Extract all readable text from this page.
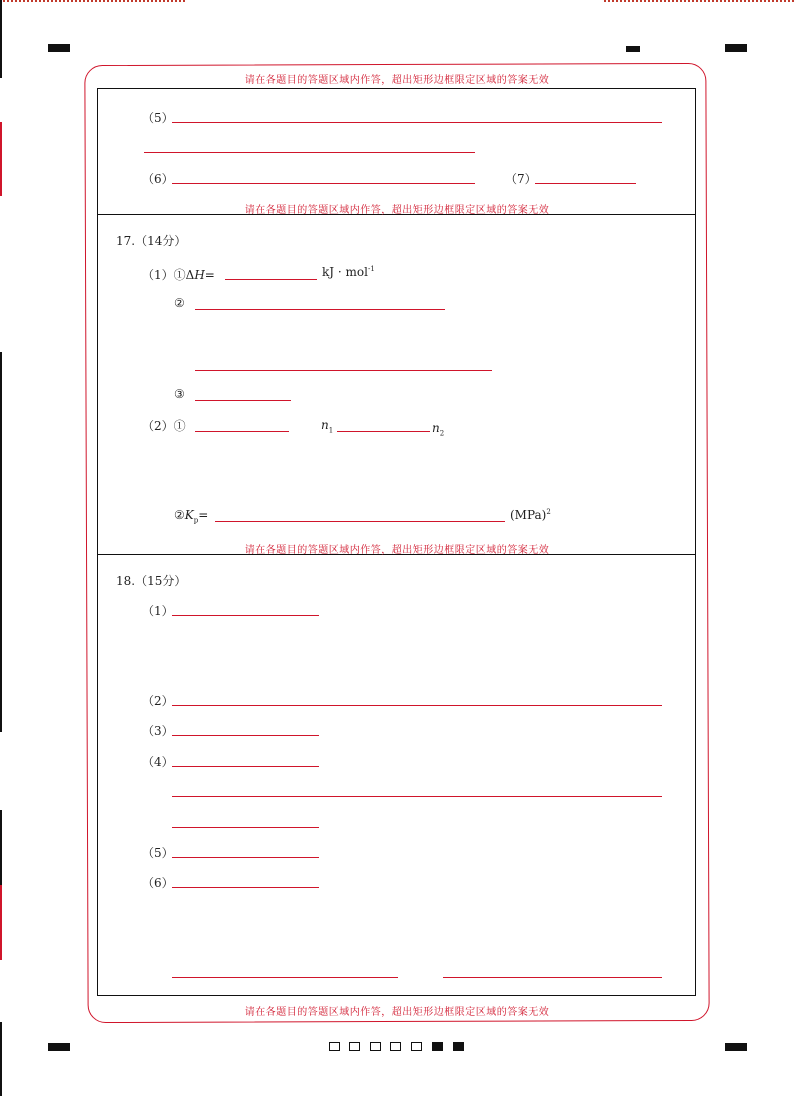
请在各题目的答题区域内作答，超出矩形边框限定区域的答案无效
请在各题目的答题区域内作答，超出矩形边框限定区域的答案无效
请在各题目的答题区域内作答，超出矩形边框限定区域的答案无效
请在各题目的答题区域内作答，超出矩形边框限定区域的答案无效
（5）
（6）	（7）
17.（14分）
（1）①ΔH=	kJ · mol$^{-1}$
②
③
（2）①	$n_1$	$n_2$
$②K_p=$	(MPa)$^2$
18.（15分）
（1）
（2）
（3）
（4）
（5）
（6）
